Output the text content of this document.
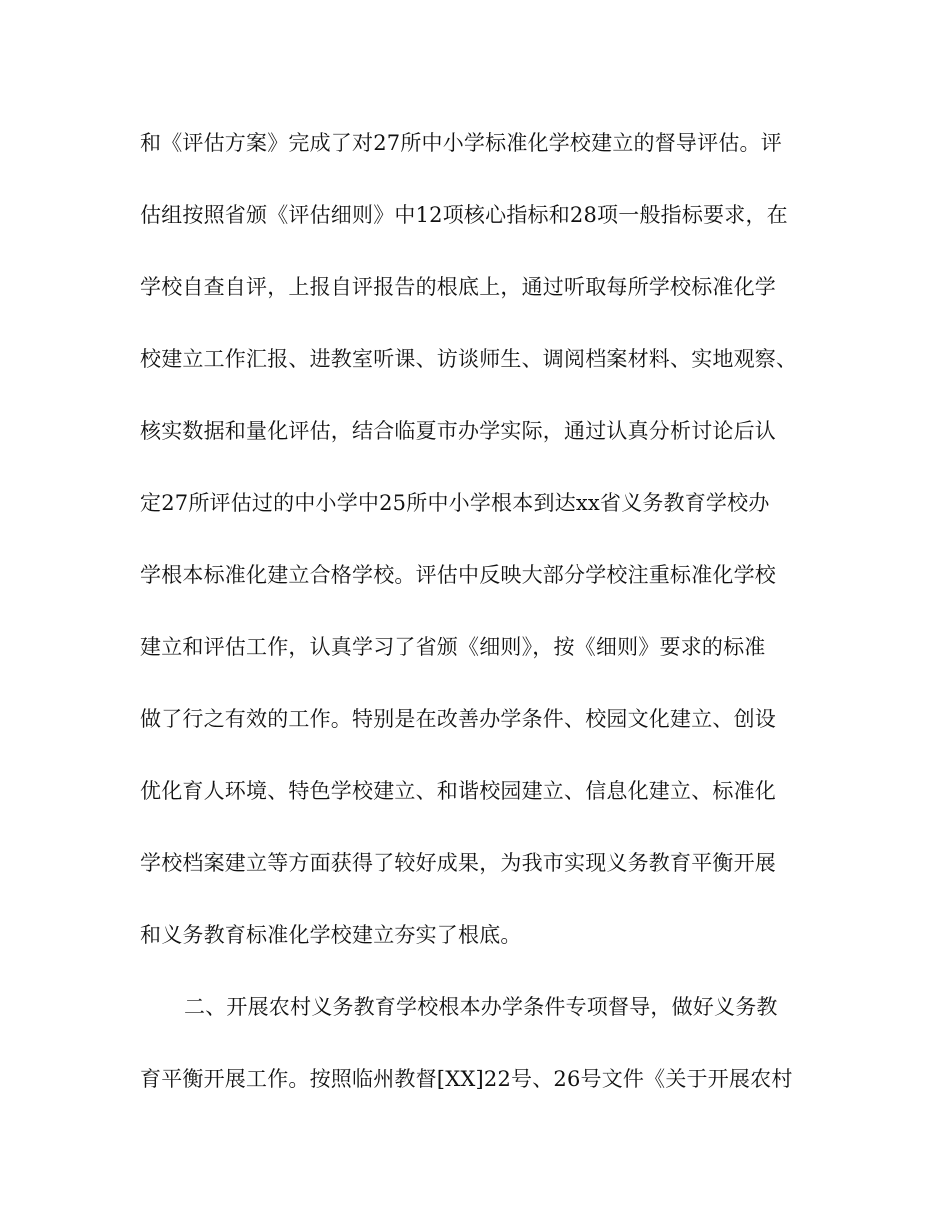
和《评估方案》完成了对27所中小学标准化学校建立的督导评估。评
估组按照省颁《评估细则》中12项核心指标和28项一般指标要求，在
学校自查自评，上报自评报告的根底上，通过听取每所学校标准化学
校建立工作汇报、进教室听课、访谈师生、调阅档案材料、实地观察、
核实数据和量化评估，结合临夏市办学实际，通过认真分析讨论后认
定27所评估过的中小学中25所中小学根本到达xx省义务教育学校办
学根本标准化建立合格学校。评估中反映大部分学校注重标准化学校
建立和评估工作，认真学习了省颁《细则》，按《细则》要求的标准
做了行之有效的工作。特别是在改善办学条件、校园文化建立、创设
优化育人环境、特色学校建立、和谐校园建立、信息化建立、标准化
学校档案建立等方面获得了较好成果，为我市实现义务教育平衡开展
和义务教育标准化学校建立夯实了根底。
二、开展农村义务教育学校根本办学条件专项督导，做好义务教
育平衡开展工作。按照临州教督[XX]22号、26号文件《关于开展农村
